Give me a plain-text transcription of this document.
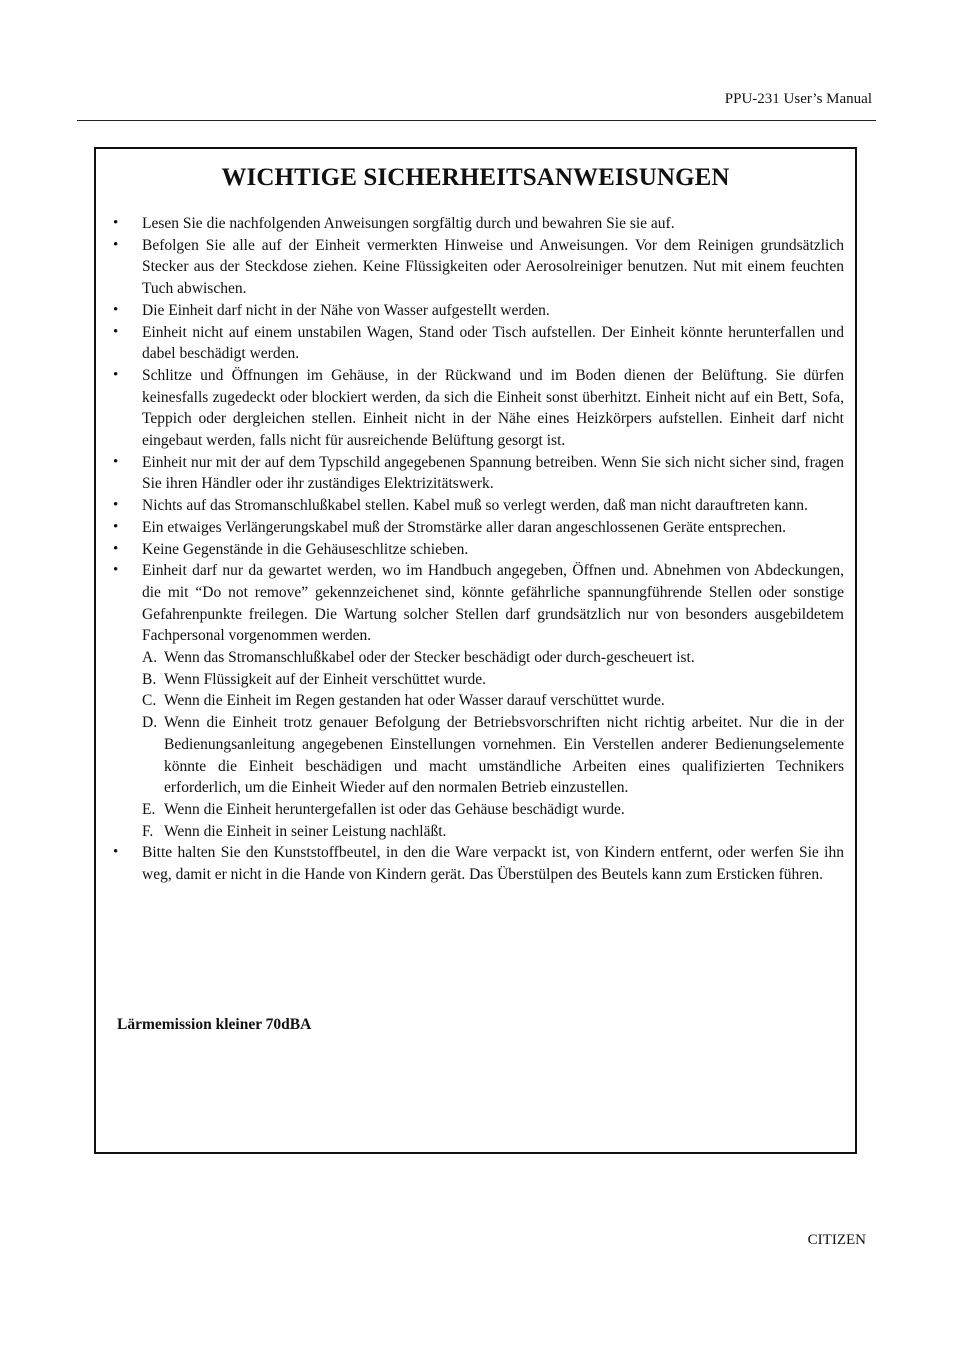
PPU-231 User’s Manual
WICHTIGE SICHERHEITSANWEISUNGEN
• Lesen Sie die nachfolgenden Anweisungen sorgfältig durch und bewahren Sie sie auf.
• Befolgen Sie alle auf der Einheit vermerkten Hinweise und Anweisungen. Vor dem Reinigen grundsätzlich Stecker aus der Steckdose ziehen. Keine Flüssigkeiten oder Aerosolreiniger benutzen. Nut mit einem feuchten Tuch abwischen.
• Die Einheit darf nicht in der Nähe von Wasser aufgestellt werden.
• Einheit nicht auf einem unstabilen Wagen, Stand oder Tisch aufstellen. Der Einheit könnte herunterfallen und dabel beschädigt werden.
• Schlitze und Öffnungen im Gehäuse, in der Rückwand und im Boden dienen der Belüftung. Sie dürfen keinesfalls zugedeckt oder blockiert werden, da sich die Einheit sonst überhitzt. Einheit nicht auf ein Bett, Sofa, Teppich oder dergleichen stellen. Einheit nicht in der Nähe eines Heizkörpers aufstellen. Einheit darf nicht eingebaut werden, falls nicht für ausreichende Belüftung gesorgt ist.
• Einheit nur mit der auf dem Typschild angegebenen Spannung betreiben. Wenn Sie sich nicht sicher sind, fragen Sie ihren Händler oder ihr zuständiges Elektrizitätswerk.
• Nichts auf das Stromanschlußkabel stellen. Kabel muß so verlegt werden, daß man nicht darauftreten kann.
• Ein etwaiges Verlängerungskabel muß der Stromstärke aller daran angeschlossenen Geräte entsprechen.
• Keine Gegenstände in die Gehäuseschlitze schieben.
• Einheit darf nur da gewartet werden, wo im Handbuch angegeben, Öffnen und. Abnehmen von Abdeckungen, die mit “Do not remove” gekennzeichenet sind, könnte gefährliche spannungführende Stellen oder sonstige Gefahrenpunkte freilegen. Die Wartung solcher Stellen darf grundsätzlich nur von besonders ausgebildetem Fachpersonal vorgenommen werden.
A. Wenn das Stromanschlußkabel oder der Stecker beschädigt oder durch-gescheuert ist.
B. Wenn Flüssigkeit auf der Einheit verschüttet wurde.
C. Wenn die Einheit im Regen gestanden hat oder Wasser darauf verschüttet wurde.
D. Wenn die Einheit trotz genauer Befolgung der Betriebsvorschriften nicht richtig arbeitet. Nur die in der Bedienungsanleitung angegebenen Einstellungen vornehmen. Ein Verstellen anderer Bedienungselemente könnte die Einheit beschädigen und macht umständliche Arbeiten eines qualifizierten Technikers erforderlich, um die Einheit Wieder auf den normalen Betrieb einzustellen.
E. Wenn die Einheit heruntergefallen ist oder das Gehäuse beschädigt wurde.
F. Wenn die Einheit in seiner Leistung nachläßt.
• Bitte halten Sie den Kunststoffbeutel, in den die Ware verpackt ist, von Kindern entfernt, oder werfen Sie ihn weg, damit er nicht in die Hande von Kindern gerät. Das Überstülpen des Beutels kann zum Ersticken führen.
Lärmemission kleiner 70dBA
CITIZEN
